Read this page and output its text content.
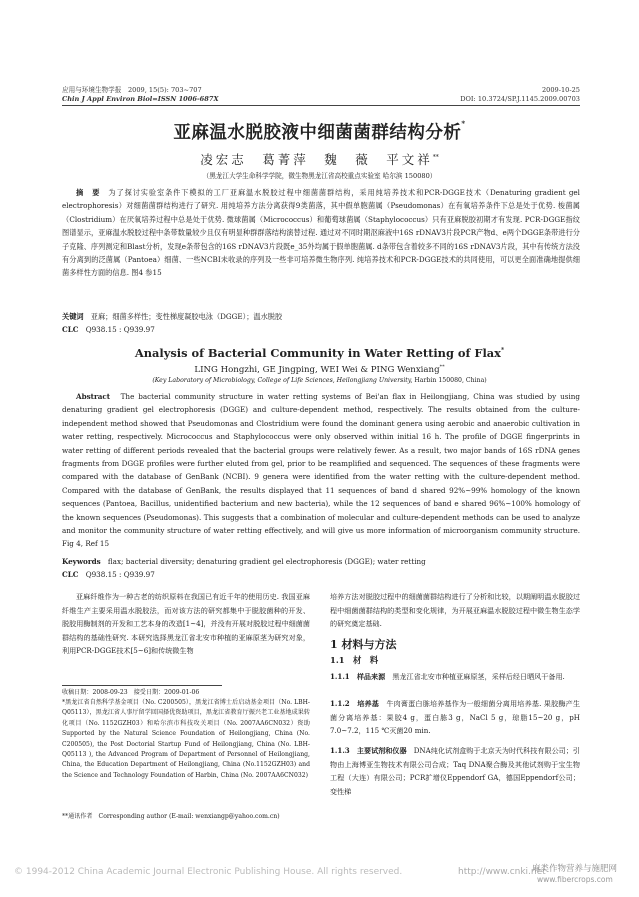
应用与环境生物学报　 2009, 15(5): 703~707
Chin J Appl Environ Biol=ISSN 1006-687X
2009-10-25
DOI: 10.3724/SP.J.1145.2009.00703
亚麻温水脱胶液中细菌菌群结构分析*
凌宏志　葛菁萍　魏　薇　平文祥**
（黑龙江大学生命科学学院，微生物黑龙江省高校重点实验室 哈尔滨 150080）
摘　要　 为了探讨实验室条件下模拟的工厂亚麻温水脱胶过程中细菌菌群结构，采用纯培养技术和PCR-DGGE技术（Denaturing gradient gel electrophoresis）对细菌菌群结构进行了研究. 用纯培养方法分离获得9类菌落，其中假单胞菌属（Pseudomonas）在有氧培养条件下总是处于优势. 梭菌属（Clostridium）在厌氧培养过程中总是处于优势. 微球菌属（Micrococcus）和葡萄球菌属（Staphylococcus）只有亚麻脱胶初期才有发现. PCR-DGGE指纹图谱显示，亚麻温水脱胶过程中条带数量较少且仅有明显种群群落结构演替过程. 通过对不同时期沤麻液中16S rDNAV3片段PCR产物d、e两个DGGE条带进行分子克隆、序列测定和Blast分析，发现e条带包含的16S rDNAV3片段既e_35外均属于假单胞菌属. d条带包含着较多不同的16S rDNAV3片段，其中有传统方法没有分离到的泛菌属（Pantoea）细菌、一些NCBI未收录的序列及一些非可培养微生物序列. 纯培养技术和PCR-DGGE技术的共同使用，可以更全面准确地提供细菌多样性方面的信息. 图4 参15
关键词　 亚麻；细菌多样性；变性梯度凝胶电泳（DGGE）；温水脱胶
CLC　 Q938.15 : Q939.97
Analysis of Bacterial Community in Water Retting of Flax*
LING Hongzhi, GE Jingping, WEI Wei & PING Wenxiang**
(Key Laboratory of Microbiology, College of Life Sciences, Heilongjiang University, Harbin 150080, China)
Abstract　 The bacterial community structure in water retting systems of Bei'an flax in Heilongjiang, China was studied by using denaturing gradient gel electrophoresis (DGGE) and culture-dependent method, respectively. The results obtained from the culture-independent method showed that Pseudomonas and Clostridium were found the dominant genera using aerobic and anaerobic cultivation in water retting, respectively. Micrococcus and Staphylococcus were only observed within initial 16 h. The profile of DGGE fingerprints in water retting of different periods revealed that the bacterial groups were relatively fewer. As a result, two major bands of 16S rDNA genes fragments from DGGE profiles were further eluted from gel, prior to be reamplified and sequenced. The sequences of these fragments were compared with the database of GenBank (NCBI). 9 genera were identified from the water retting with the culture-dependent method. Compared with the database of GenBank, the results displayed that 11 sequences of band d shared 92%~99% homology of the known sequences (Pantoea, Bacillus, unidentified bacterium and new bacteria), while the 12 sequences of band e shared 96%~100% homology of the known sequences (Pseudomonas). This suggests that a combination of molecular and culture-dependent methods can be used to analyze and monitor the community structure of water retting effectively, and will give us more information of microorganism community structure. Fig 4, Ref 15
Keywords　 flax; bacterial diversity; denaturing gradient gel electrophoresis (DGGE); water retting
CLC　 Q938.15 : Q939.97
亚麻纤维作为一种古老的纺织原料在我国已有近千年的使用历史. 我国亚麻纤维生产主要采用温水脱胶法，而对该方法的研究都集中于脱胶菌种的开发、脱胶用酶制剂的开发和工艺本身的改造[1~4]，并没有开展对脱胶过程中细菌菌群结构的基础性研究. 本研究选择黑龙江省北安市种植的亚麻原茎为研究对象，利用PCR-DGGE技术[5~6]和传统微生物
收稿日期：2008-09-23　接受日期：2009-01-06
*黑龙江省自然科学基金项目（No. C200505），黑龙江省博士后启动基金项目（No. LBH-Q05113），黑龙江省人事厅留学回国择优资助项目，黑龙江省教育厅振兴老工业基地成果转化项目（No. 1152GZH03）和哈尔滨市科技攻关项目（No. 2007AA6CN032）资助　Supported by the Natural Science Foundation of Heilongjiang, China (No. C200505), the Post Doctorial Startup Fund of Heilongjiang, China (No. LBH-Q05113 ), the Advanced Program of Department of Personnel of Heilongjiang, China, the Education Department of Heilongjiang, China (No.1152GZH03) and the Science and Technology Foundation of Harbin, China (No. 2007AA6CN032)
**通讯作者　Corresponding author (E-mail: wenxiangp@yahoo.com.cn)
培养方法对脱胶过程中的细菌菌群结构进行了分析和比较，以期阐明温水脱胶过程中细菌菌群结构的类型和变化规律，为开展亚麻温水脱胶过程中微生物生态学的研究奠定基础.
1 材料与方法
1.1　材　料
1.1.1　样品来源　 黑龙江省北安市种植亚麻原茎，采样后经日晒风干备用.
1.1.2　培养基　 牛肉膏蛋白胨培养基作为一般细菌分离用培养基. 果胶酶产生菌分离培养基：果胶4 g，蛋白胨3 g，NaCl 5 g，琼脂15~20 g，pH 7.0~7.2，115 ℃灭菌20 min.
1.1.3　主要试剂和仪器　 DNA纯化试剂盒购于北京天为时代科技有限公司；引物由上海博亚生物技术有限公司合成；Taq DNA聚合酶及其他试剂购于宝生物工程（大连）有限公司；PCR扩增仪Eppendorf GA，德国Eppendorf公司；变性梯
© 1994-2012 China Academic Journal Electronic Publishing House. All rights reserved.	http://www.cnki.net
麻类作物营养与施肥网
www.fibercrops.com
